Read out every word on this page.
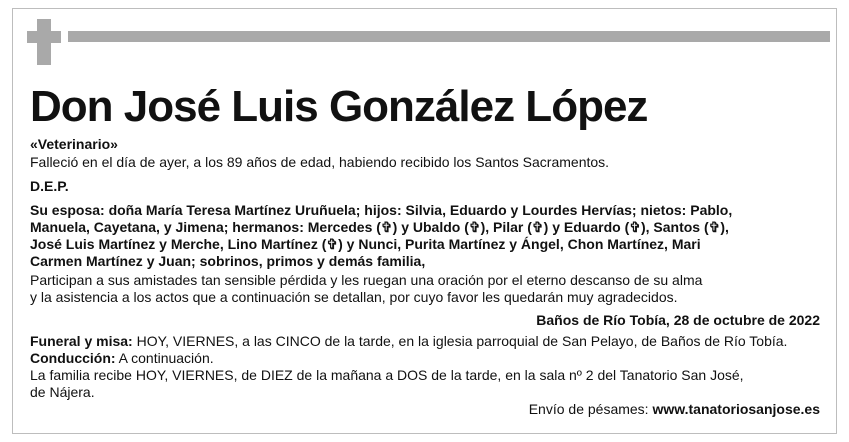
Don José Luis González López

«Veterinario»

Falleció en el día de ayer, a los 89 años de edad, habiendo recibido los Santos Sacramentos.

D.E.P.

Su esposa: doña María Teresa Martínez Uruñuela; hijos: Silvia, Eduardo y Lourdes Hervías; nietos: Pablo,

Manuela, Cayetana, y Jimena; hermanos: Mercedes (✞) y Ubaldo (✞), Pilar (✞) y Eduardo (✞), Santos (✞),

José Luis Martínez y Merche, Lino Martínez (✞) y Nunci, Purita Martínez y Ángel, Chon Martínez, Mari

Carmen Martínez y Juan; sobrinos, primos y demás familia,

Participan a sus amistades tan sensible pérdida y les ruegan una oración por el eterno descanso de su alma

y la asistencia a los actos que a continuación se detallan, por cuyo favor les quedarán muy agradecidos.

Baños de Río Tobía, 28 de octubre de 2022

Funeral y misa: HOY, VIERNES, a las CINCO de la tarde, en la iglesia parroquial de San Pelayo, de Baños de Río Tobía.

Conducción: A continuación.

La familia recibe HOY, VIERNES, de DIEZ de la mañana a DOS de la tarde, en la sala nº 2 del Tanatorio San José,

de Nájera.

Envío de pésames: www.tanatoriosanjose.es
